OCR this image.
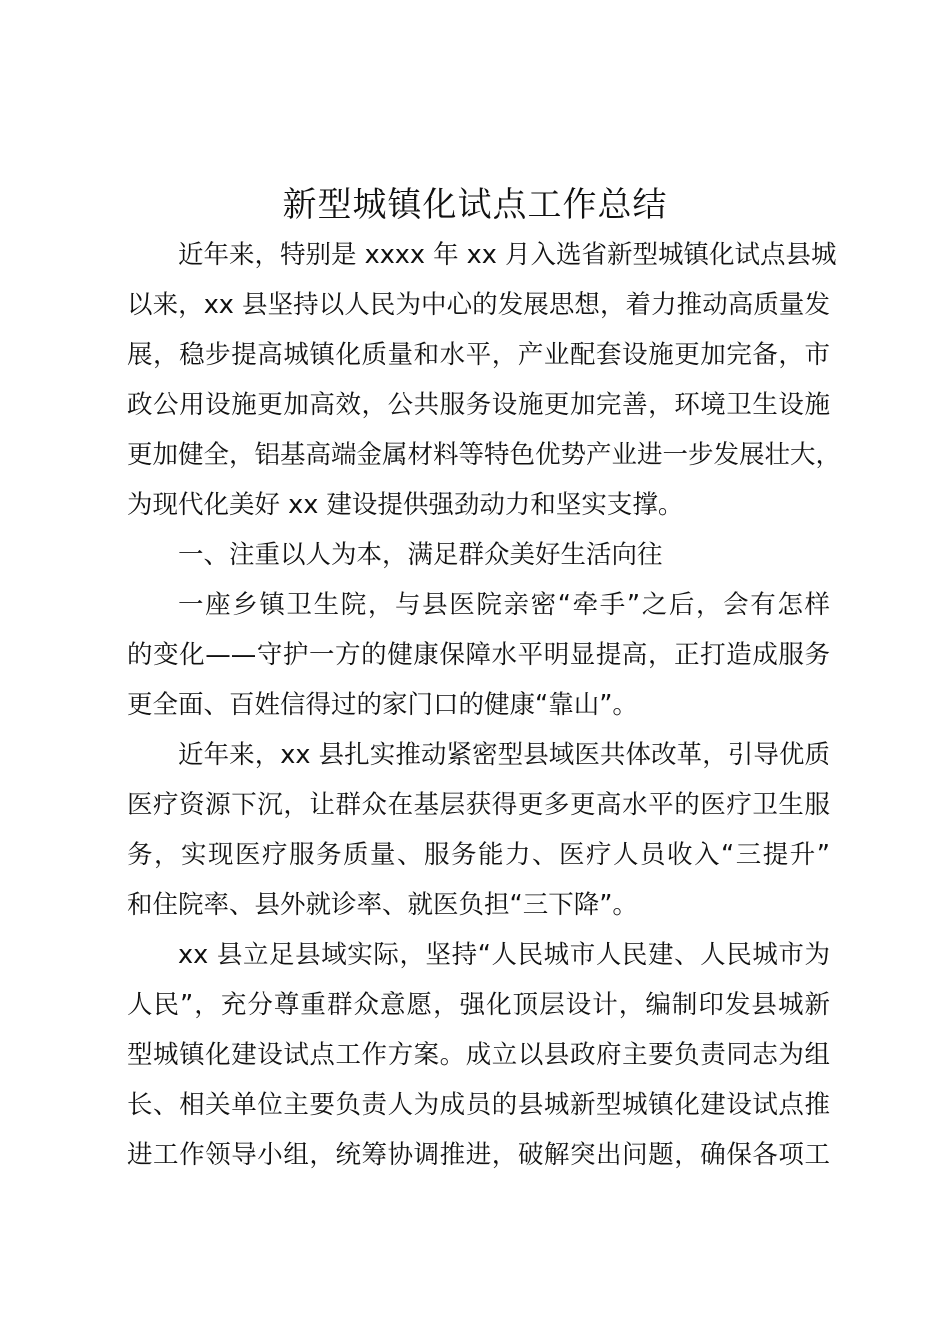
新型城镇化试点工作总结
近年来，特别是 xxxx 年 xx 月入选省新型城镇化试点县城
以来，xx 县坚持以人民为中心的发展思想，着力推动高质量发
展，稳步提高城镇化质量和水平，产业配套设施更加完备，市
政公用设施更加高效，公共服务设施更加完善，环境卫生设施
更加健全，铝基高端金属材料等特色优势产业进一步发展壮大，
为现代化美好 xx 建设提供强劲动力和坚实支撑。
一、注重以人为本，满足群众美好生活向往
一座乡镇卫生院，与县医院亲密“牵手”之后，会有怎样
的变化——守护一方的健康保障水平明显提高，正打造成服务
更全面、百姓信得过的家门口的健康“靠山”。
近年来，xx 县扎实推动紧密型县域医共体改革，引导优质
医疗资源下沉，让群众在基层获得更多更高水平的医疗卫生服
务，实现医疗服务质量、服务能力、医疗人员收入“三提升”
和住院率、县外就诊率、就医负担“三下降”。
xx 县立足县域实际，坚持“人民城市人民建、人民城市为
人民”，充分尊重群众意愿，强化顶层设计，编制印发县城新
型城镇化建设试点工作方案。成立以县政府主要负责同志为组
长、相关单位主要负责人为成员的县城新型城镇化建设试点推
进工作领导小组，统筹协调推进，破解突出问题，确保各项工
